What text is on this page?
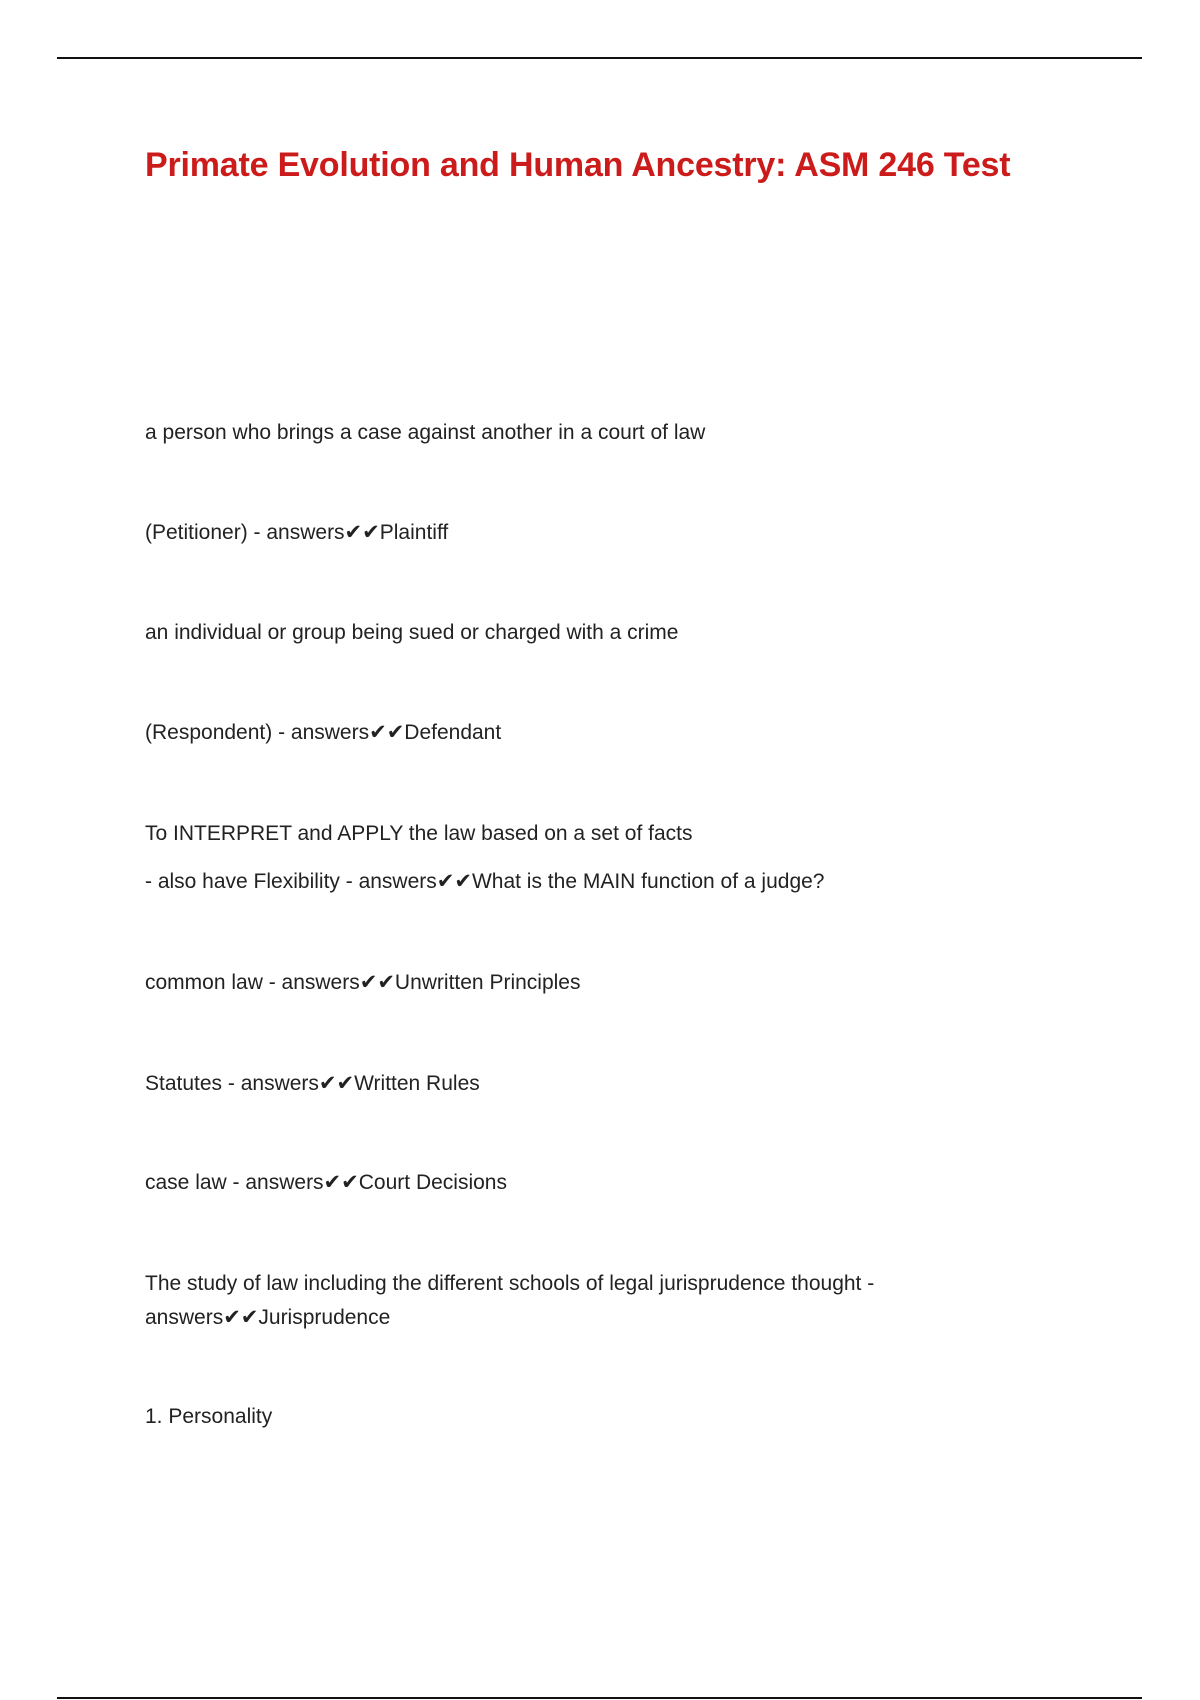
Primate Evolution and Human Ancestry: ASM 246 Test

a person who brings a case against another in a court of law

(Petitioner) - answers✔✔Plaintiff

an individual or group being sued or charged with a crime

(Respondent) - answers✔✔Defendant

To INTERPRET and APPLY the law based on a set of facts

- also have Flexibility - answers✔✔What is the MAIN function of a judge?

common law - answers✔✔Unwritten Principles

Statutes - answers✔✔Written Rules

case law - answers✔✔Court Decisions

The study of law including the different schools of legal jurisprudence thought - answers✔✔Jurisprudence

1. Personality
